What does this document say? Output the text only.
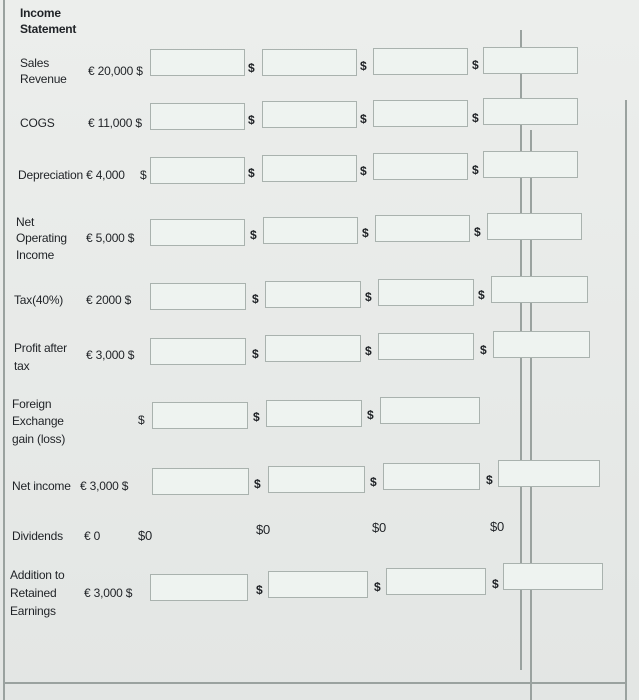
Income
Statement
Sales
Revenue
€ 20,000 $	$	$	$
COGS	€ 11,000 $	$	$	$
Depreciation € 4,000 $	$	$	$
Net
Operating
Income
€ 5,000 $	$	$	$
Tax(40%) € 2000 $	$	$	$
Profit after
tax
€ 3,000 $	$	$	$
Foreign
Exchange
gain (loss)
$	$	$
Net income € 3,000 $	$	$	$
Dividends € 0	$0	$0	$0	$0
Addition to
Retained
Earnings
€ 3,000 $	$	$	$
